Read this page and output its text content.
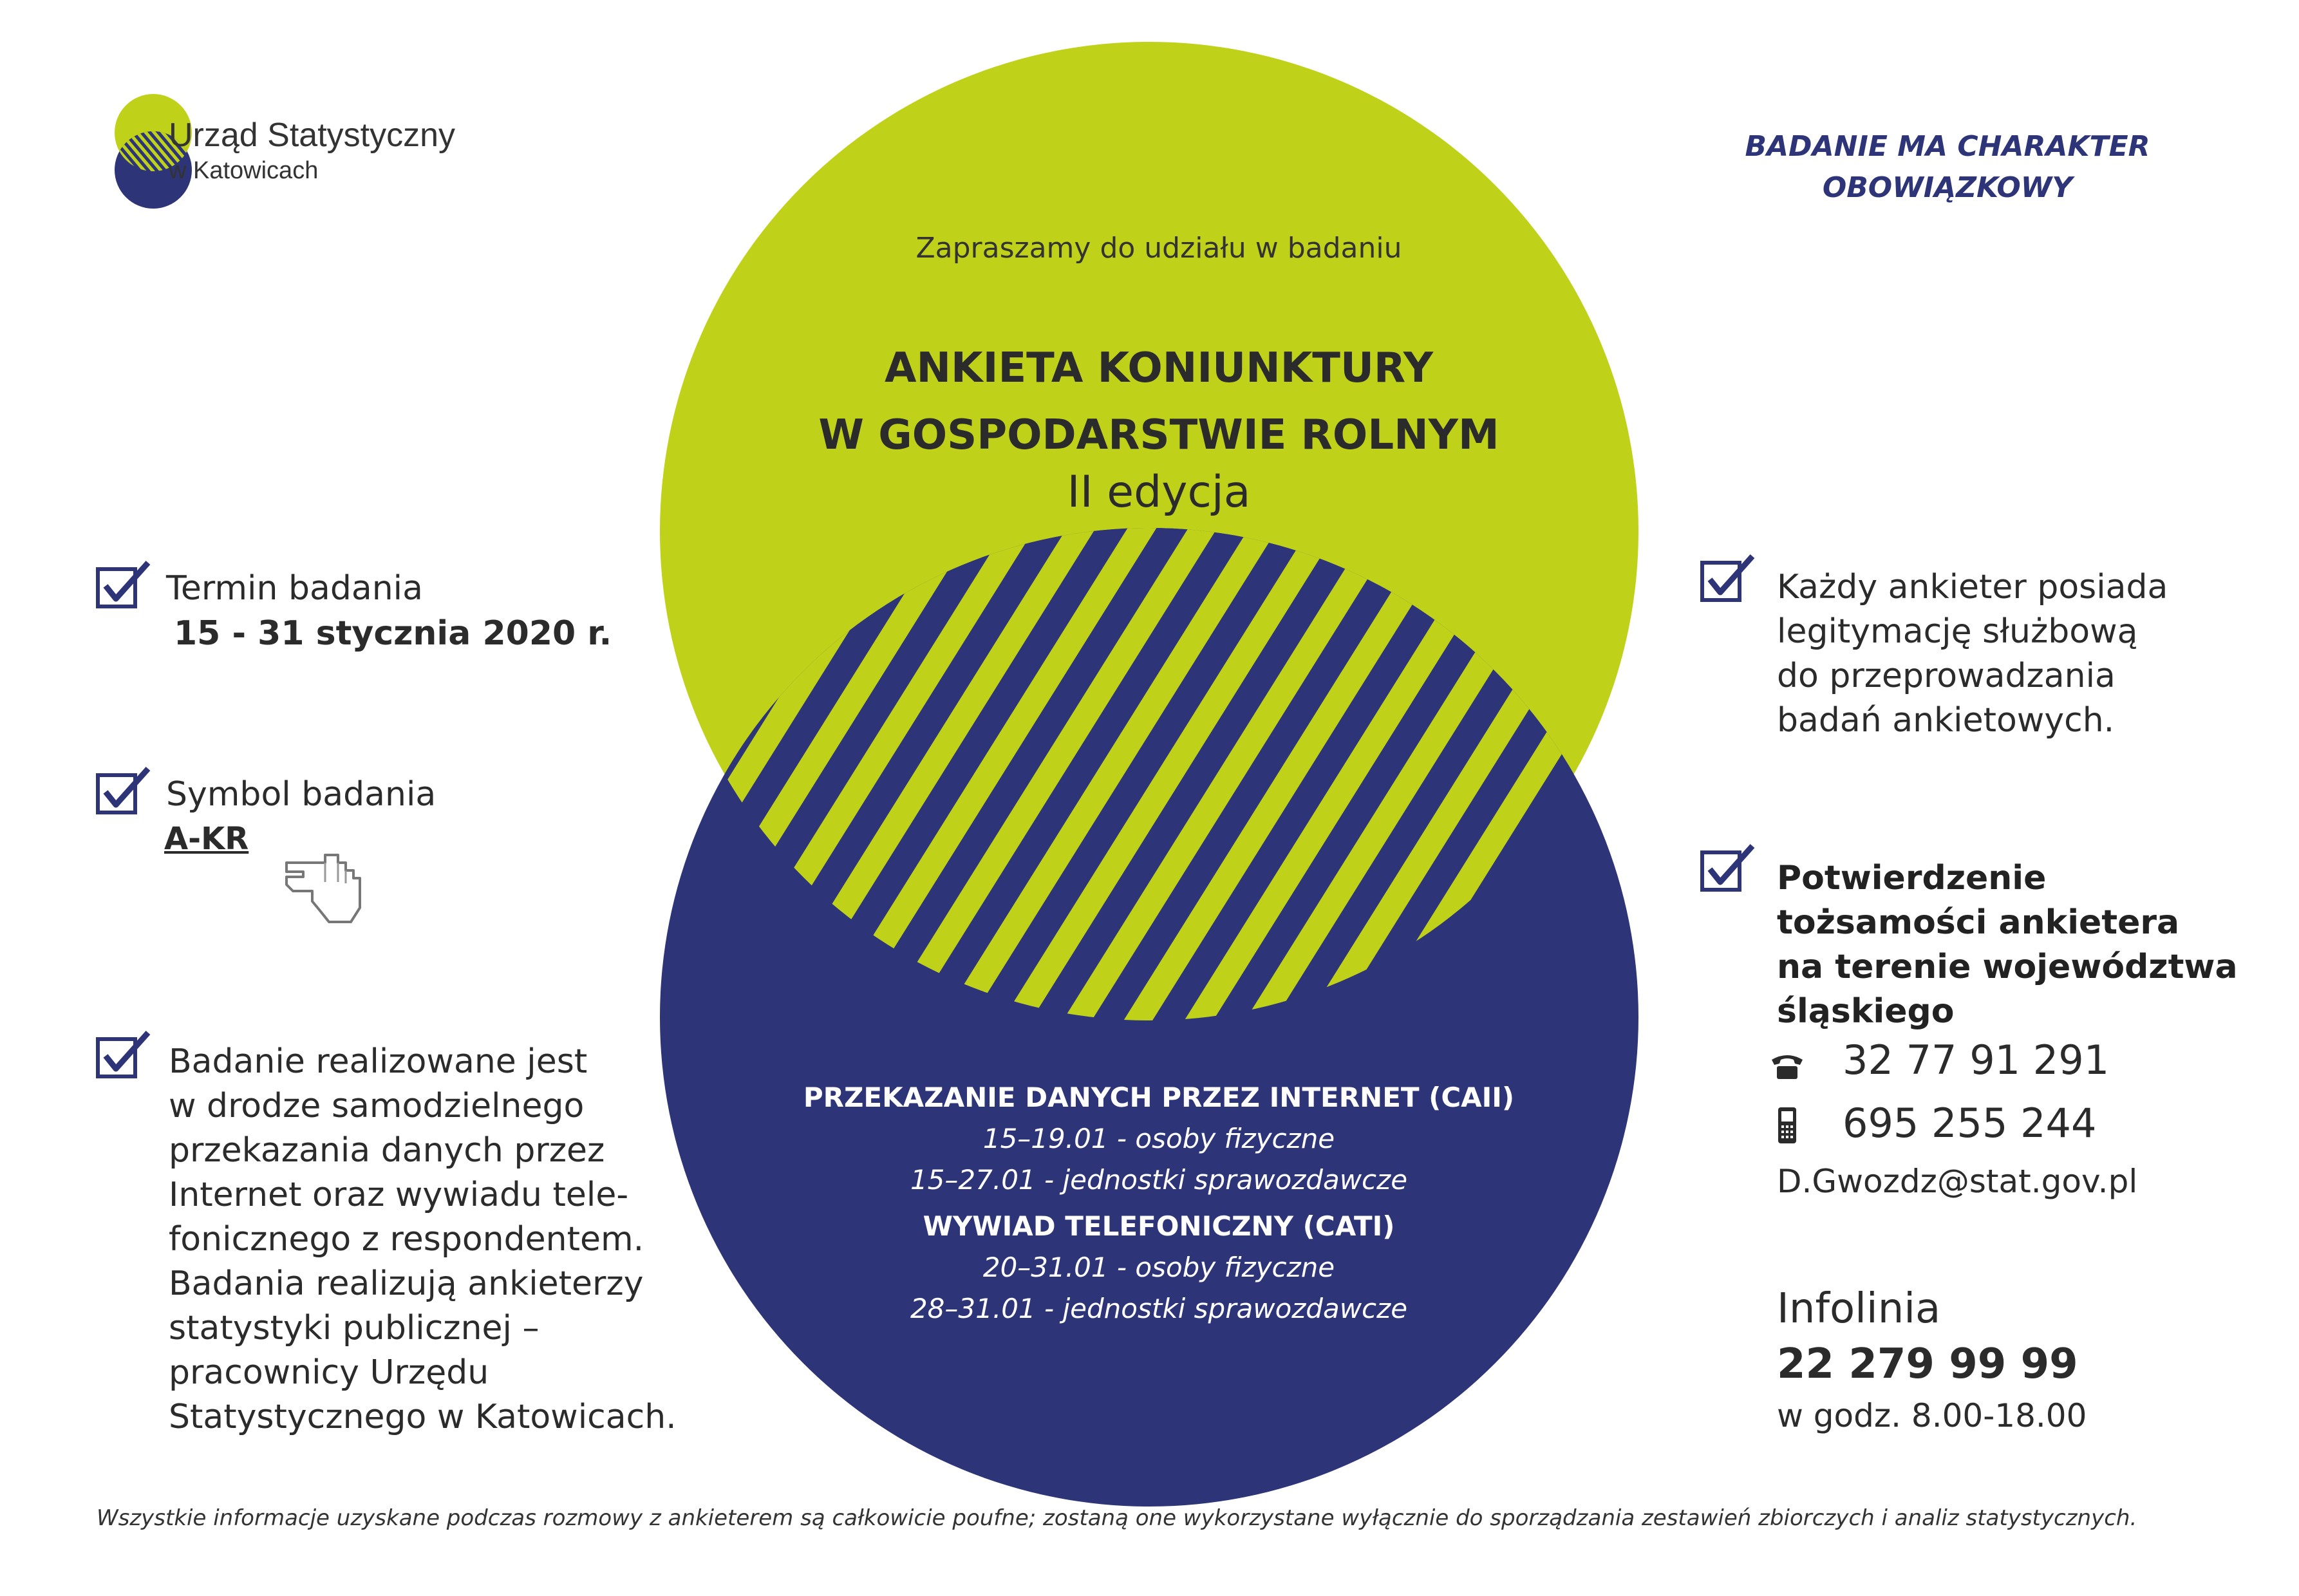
Urząd Statystyczny
w Katowicach
BADANIE MA CHARAKTER
OBOWIĄZKOWY
Zapraszamy do udziału w badaniu
ANKIETA KONIUNKTURY
W GOSPODARSTWIE ROLNYM
II edycja
PRZEKAZANIE DANYCH PRZEZ INTERNET (CAII)
15–19.01 - osoby fizyczne
15–27.01 - jednostki sprawozdawcze
WYWIAD TELEFONICZNY (CATI)
20–31.01 - osoby fizyczne
28–31.01 - jednostki sprawozdawcze
Termin badania
15 - 31 stycznia 2020 r.
Symbol badania
A-KR
Badanie realizowane jest
w drodze samodzielnego
przekazania danych przez
Internet oraz wywiadu tele-
fonicznego z respondentem.
Badania realizują ankieterzy
statystyki publicznej –
pracownicy Urzędu
Statystycznego w Katowicach.
Każdy ankieter posiada
legitymację służbową
do przeprowadzania
badań ankietowych.
Potwierdzenie
tożsamości ankietera
na terenie województwa
śląskiego
32 77 91 291
695 255 244
D.Gwozdz@stat.gov.pl
Infolinia
22 279 99 99
w godz. 8.00-18.00
Wszystkie informacje uzyskane podczas rozmowy z ankieterem są całkowicie poufne; zostaną one wykorzystane wyłącznie do sporządzania zestawień zbiorczych i analiz statystycznych.
